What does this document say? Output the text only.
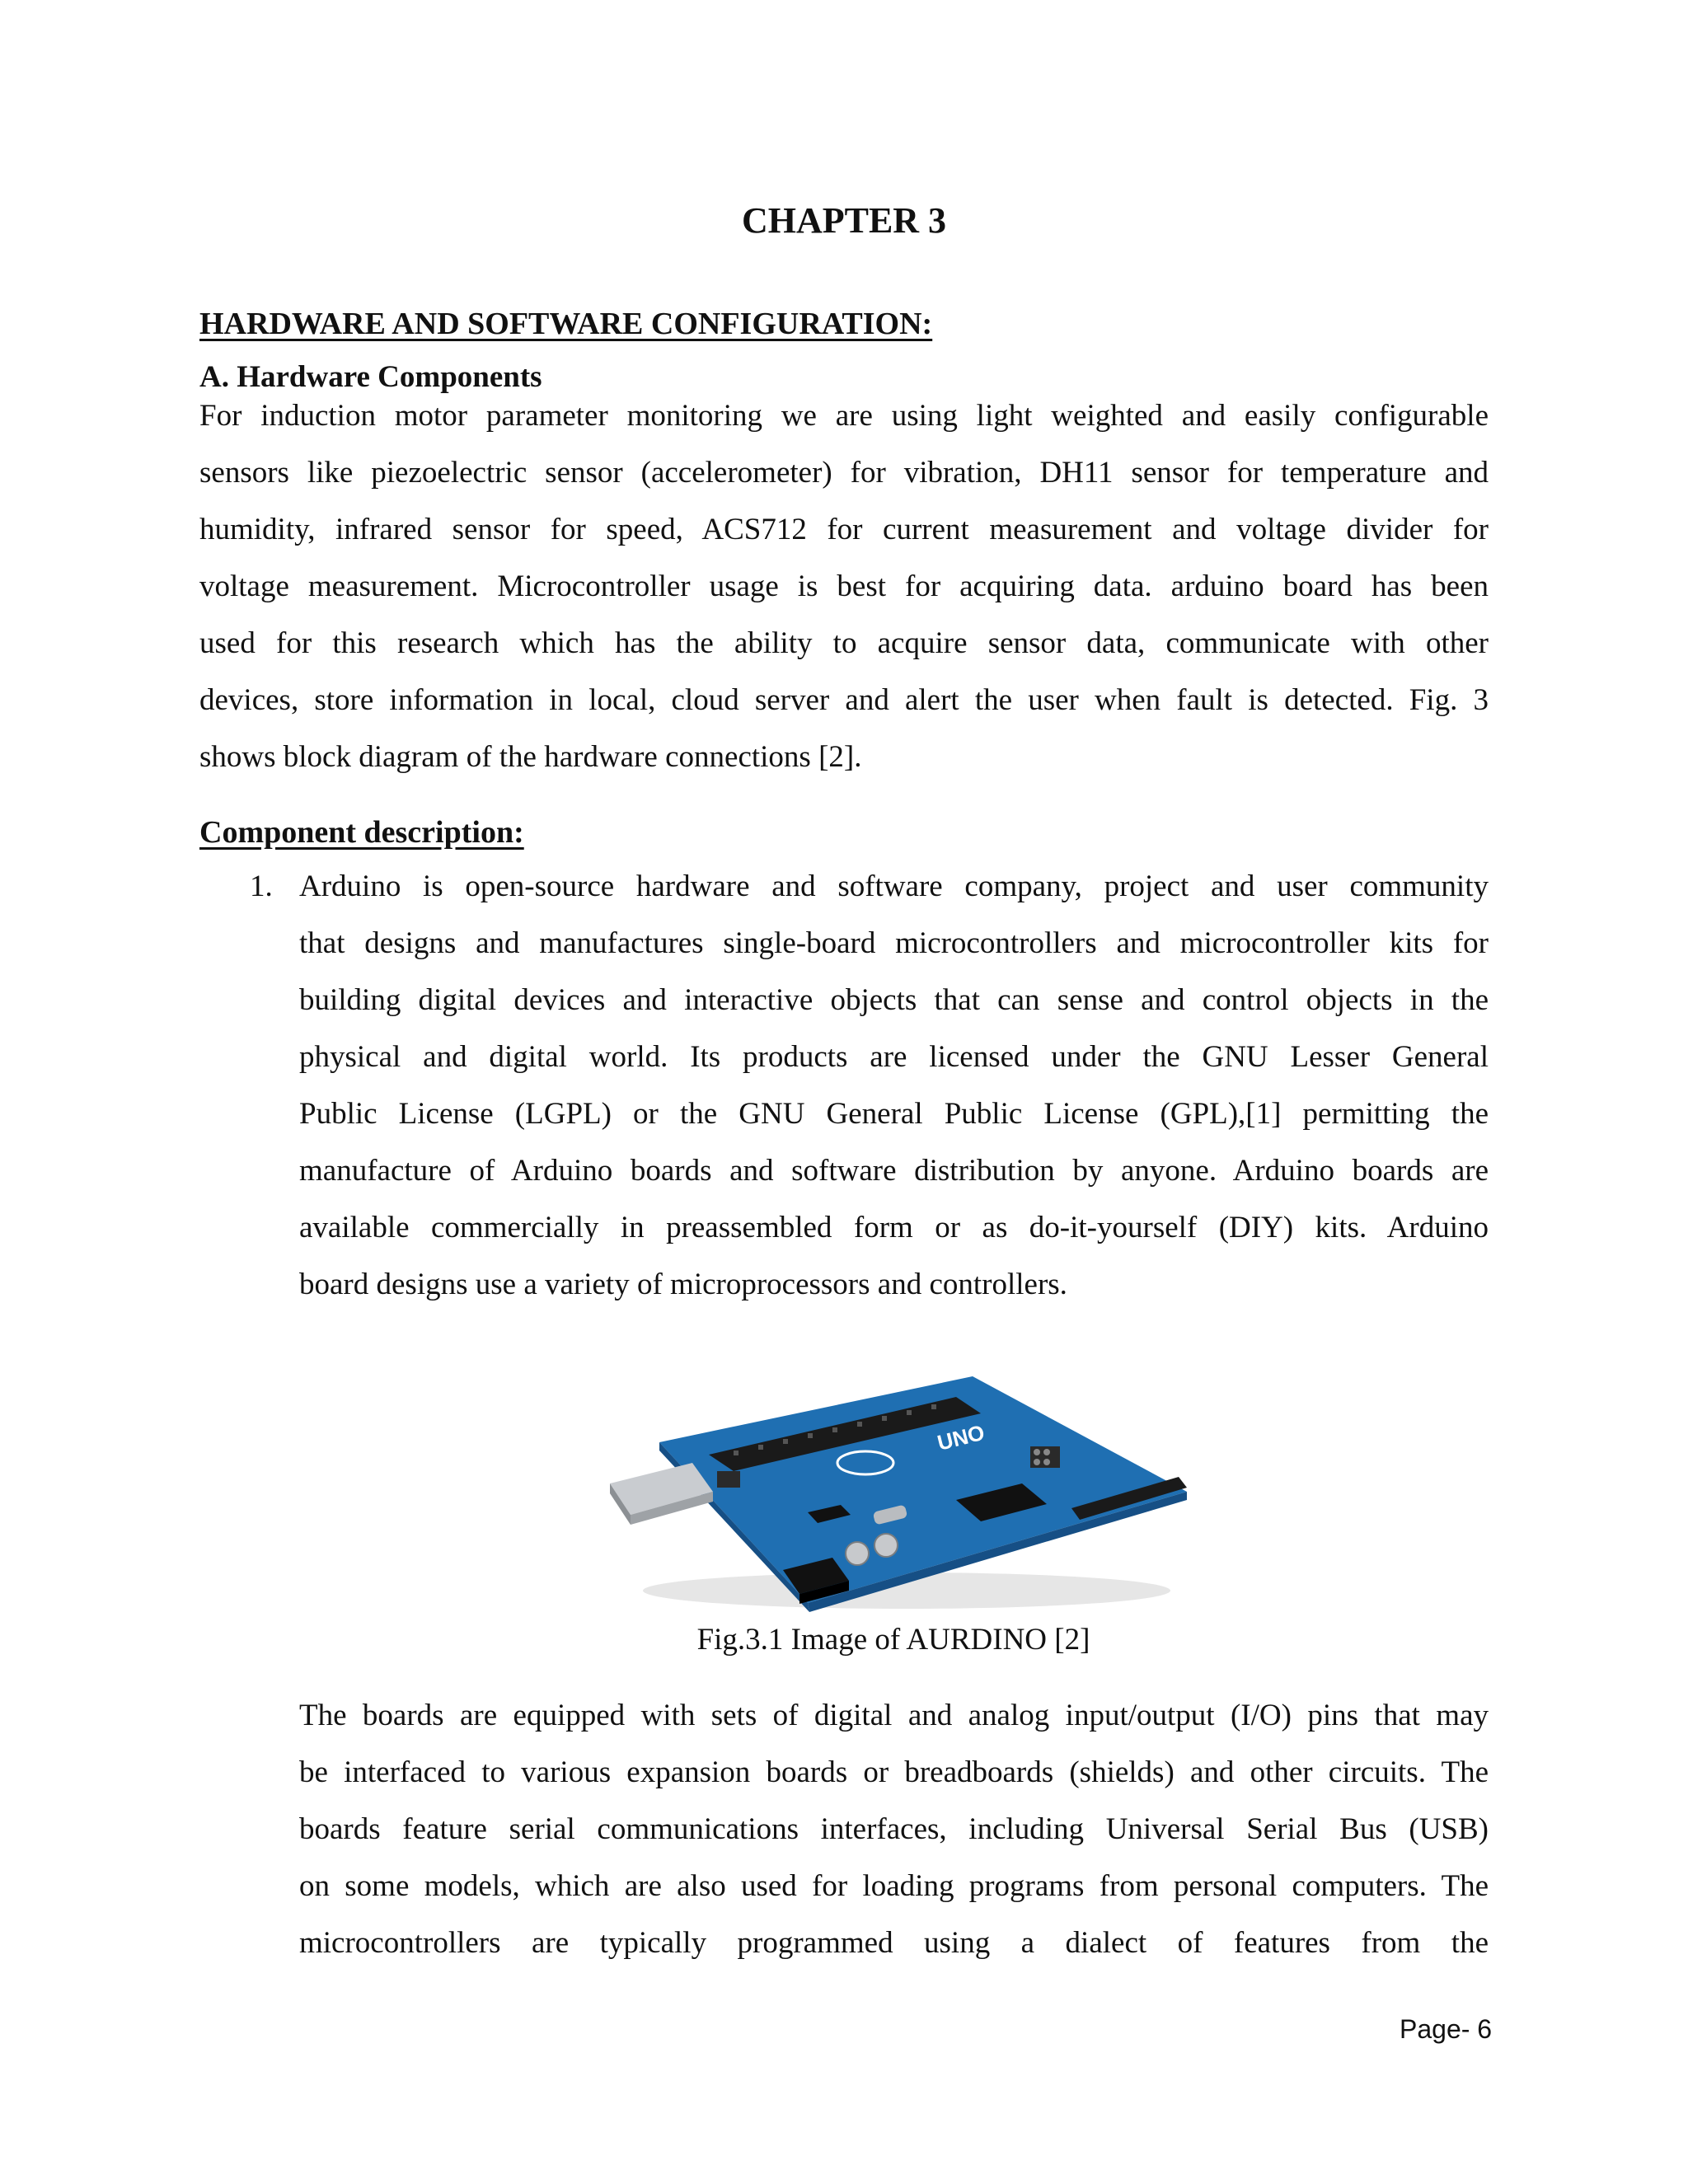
CHAPTER 3
HARDWARE AND SOFTWARE CONFIGURATION:
A. Hardware Components
For induction motor parameter monitoring we are using light weighted and easily configurable
sensors like piezoelectric sensor (accelerometer) for vibration, DH11 sensor for temperature and
humidity, infrared sensor for speed, ACS712 for current measurement and voltage divider for
voltage measurement. Microcontroller usage is best for acquiring data. arduino board has been
used for this research which has the ability to acquire sensor data, communicate with other
devices, store information in local, cloud server and alert the user when fault is detected. Fig. 3
shows block diagram of the hardware connections [2].
Component description:
1. Arduino is open-source hardware and software company, project and user community
that designs and manufactures single-board microcontrollers and microcontroller kits for
building digital devices and interactive objects that can sense and control objects in the
physical and digital world. Its products are licensed under the GNU Lesser General
Public License (LGPL) or the GNU General Public License (GPL),[1] permitting the
manufacture of Arduino boards and software distribution by anyone. Arduino boards are
available commercially in preassembled form or as do-it-yourself (DIY) kits. Arduino
board designs use a variety of microprocessors and controllers.
UNO
Fig.3.1 Image of AURDINO [2]
The boards are equipped with sets of digital and analog input/output (I/O) pins that may
be interfaced to various expansion boards or breadboards (shields) and other circuits. The
boards feature serial communications interfaces, including Universal Serial Bus (USB)
on some models, which are also used for loading programs from personal computers. The
microcontrollers are typically programmed using a dialect of features from the
Page- 6
